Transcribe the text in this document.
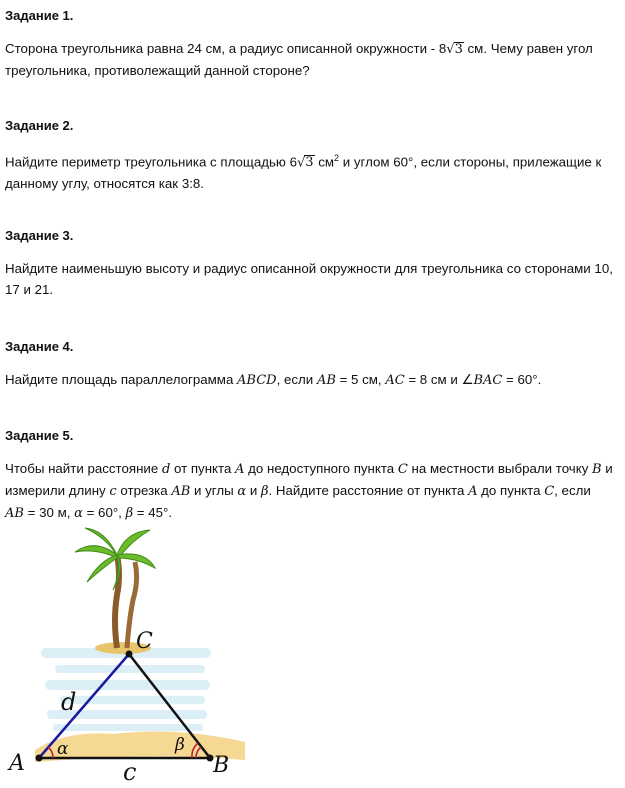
Задание 1.

Сторона треугольника равна 24 см, а радиус описанной окружности - 8√3 см. Чему равен угол
треугольника, противолежащий данной стороне?

Задание 2.

Найдите периметр треугольника с площадью 6√3 $см^2$ и углом 60°, если стороны, прилежащие к
данному углу, относятся как 3:8.

Задание 3.

Найдите наименьшую высоту и радиус описанной окружности для треугольника со сторонами 10,
17 и 21.

Задание 4.

Найдите площадь параллелограмма ABCD, если AB = 5 см, AC = 8 см и ∠BAC = 60°.

Задание 5.

Чтобы найти расстояние d от пункта A до недоступного пункта C на местности выбрали точку B и
измерили длину c отрезка AB и углы α и β. Найдите расстояние от пункта A до пункта C, если
AB = 30 м, α = 60°, β = 45°.

A	B
C
d
c
α	β
